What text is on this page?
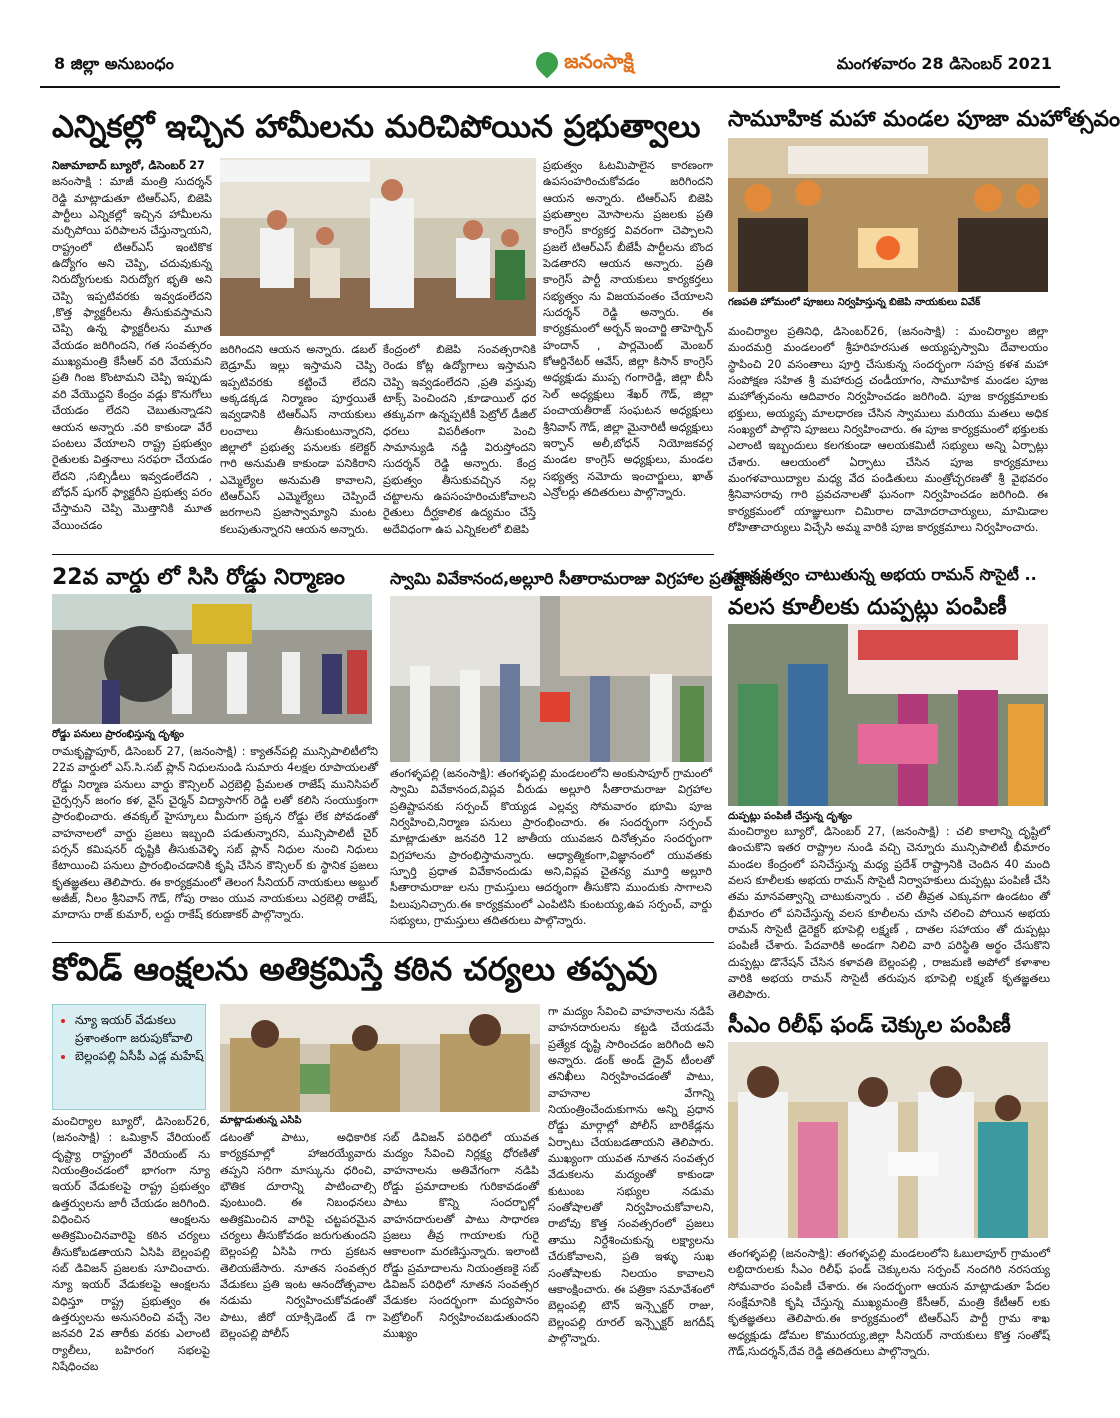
8 జిల్లా అనుబంధం	జనంసాక్షి	మంగళవారం 28 డిసెంబర్ 2021
ఎన్నికల్లో ఇచ్చిన హామీలను మరిచిపోయిన ప్రభుత్వాలు
నిజామాబాద్ బ్యూరో, డిసెంబర్ 27
జనంసాక్షి : మాజీ మంత్రి సుదర్శన్ రెడ్డి మాట్లాడుతూ టిఆర్ఎస్, బిజెపి పార్టీలు ఎన్నికల్లో ఇచ్చిన హామీలను మర్చిపోయి పరిపాలన చేస్తున్నాయని, రాష్ట్రంలో టిఆర్ఎస్ ఇంటికొక ఉద్యోగం అని చెప్పి, చదువుకున్న నిరుద్యోగులకు నిరుద్యోగ భృతి అని చెప్పి ఇప్పటివరకు ఇవ్వడంలేదని ,కొత్త ఫ్యాక్టరీలను తీసుకువస్తామని చెప్పి ఉన్న ఫ్యాక్టరీలను మూత వేయడం జరిగిందని, గత సంవత్సరం ముఖ్యమంత్రి కేసీఆర్ వరి వేయమని ప్రతి గింజ కొంటామని చెప్పి ఇప్పుడు వరి వేయొద్దని కేంద్రం వడ్లు కొనుగోలు చేయడం లేదని చెబుతున్నాడని ఆయన అన్నారు .వరి కాకుండా వేరే పంటలు వేయాలని రాష్ట్ర ప్రభుత్వం రైతులకు విత్తనాలు సరఫరా చేయడం లేదని ,సబ్సిడీలు ఇవ్వడంలేదని , బోధన్ షుగర్ ఫ్యాక్టరీని ప్రభుత్వ పరం చేస్తామని చెప్పి మొత్తానికి మూత వేయించడం
జరిగిందని ఆయన అన్నారు. డబల్ బెడ్రూమ్ ఇల్లు ఇస్తామని చెప్పి ఇప్పటివరకు కట్టించే లేదని అక్కడక్కడ నిర్మాణం పూర్తయితే ఇవ్వడానికి టిఆర్ఎస్ నాయకులు లంచాలు తీసుకుంటున్నారని, జిల్లాలో ప్రభుత్వ పనులకు కలెక్టర్ గారి అనుమతి కాకుండా పనికిరాని ఎమ్మెల్యేల అనుమతి కావాలని, టిఆర్ఎస్ ఎమ్మెల్యేలు చెప్పిందే జరగాలని ప్రజాస్వామ్యాని మంట కలుపుతున్నారని ఆయన అన్నారు.
కేంద్రంలో బిజెపి సంవత్సరానికి రెండు కోట్ల ఉద్యోగాలు ఇస్తామని చెప్పి ఇవ్వడంలేదని ,ప్రతి వస్తువు టాక్స్ పెంచిందని ,కూడాయిల్ ధర తక్కువగా ఉన్నప్పటికీ పెట్రోల్ డీజిల్ ధరలు విపరీతంగా పెంచి సామాన్యుడి నడ్డి విరుస్తోందని సుదర్శన్ రెడ్డి అన్నారు. కేంద్ర ప్రభుత్వం తీసుకువచ్చిన నల్ల చట్టాలను ఉపసంహరించుకోవాలని రైతులు దీర్ఘకాలిక ఉద్యమం చేస్తే అదేవిధంగా ఉప ఎన్నికలలో బిజెపి
ప్రభుత్వం ఓటమిపాలైన కారణంగా ఉపసంహరించుకోవడం జరిగిందని ఆయన అన్నారు. టిఆర్ఎస్ బిజెపి ప్రభుత్వాల మోసాలను ప్రజలకు ప్రతి కాంగ్రెస్ కార్యకర్త వివరంగా చెప్పాలని ప్రజలే టిఆర్ఎస్ బీజేపీ పార్టీలను బొంద పెడతారని ఆయన అన్నారు. ప్రతి కాంగ్రెస్ పార్టీ నాయకులు కార్యకర్తలు సభ్యత్వం ను విజయవంతం చేయాలని సుదర్శన్ రెడ్డి అన్నారు. ఈ కార్యక్రమంలో అర్బన్ ఇంచార్జి తాహెర్బిన్ హందాన్ , పార్లమెంట్ మెంబర్ కోఆర్డినేటర్ ఆవేస్, జిల్లా కిసాన్ కాంగ్రెస్ అధ్యక్షుడు ముప్ప గంగారెడ్డి, జిల్లా బీసీ సెల్ అధ్యక్షులు శేఖర్ గౌడ్, జిల్లా పంచాయతీరాజ్ సంఘటన అధ్యక్షులు శ్రీనివాస్ గౌడ్, జిల్లా మైనారిటీ అధ్యక్షులు ఇర్ఫాన్ అలీ,బోధన్ నియోజకవర్గ మండల కాంగ్రెస్ అధ్యక్షులు, మండల సభ్యత్వ నమోదు ఇంచార్జులు, ఖాత్ ఎన్రోలర్లు తదితరులు పాల్గొన్నారు.
సామూహిక మహా మండల పూజా మహోత్సవం
గణపతి హోమంలో పూజలు నిర్వహిస్తున్న బిజెపి నాయకులు వివేక్
మంచిర్యాల ప్రతినిధి, డిసెంబర్26, (జనంసాక్షి) : మంచిర్యాల జిల్లా మందమర్రి మండలంలో శ్రీహరిహరసుత అయ్యప్పస్వామి దేవాలయం స్థాపించి 20 వసంతాలు పూర్తి చేసుకున్న సందర్భంగా సహస్ర కళశ మహా సంపోక్షణ సహిత శ్రీ మహారుద్ర చండీయాగం, సామూహిక మండల పూజ మహోత్సవంను ఆదివారం నిర్వహించడం జరిగింది. పూజ కార్యక్రమాలకు భక్తులు, అయ్యప్ప మాలధారణ చేసిన స్వాములు మరియు మతలు అధిక సంఖ్యలో పాల్గొని పూజలు నిర్వహించారు. ఈ పూజ కార్యక్రమంలో భక్తులకు ఎలాంటి ఇబ్బందులు కలగకుండా ఆలయకమిటీ సభ్యులు అన్ని ఏర్పాట్లు చేశారు. ఆలయంలో ఏర్పాటు చేసిన పూజ కార్యక్రమాలు మంగళవాయిద్యాల మధ్య వేద పండితులు మంత్రోచ్ఛరణతో శ్రీ వైభవరం శ్రీనివాసరావు గారి ప్రవచనాలతో ఘనంగా నిర్వహించడం జరిగింది. ఈ కార్యక్రమంలో యాజ్ఞులుగా చిమిరాల దామోదరాచార్యులు, మామిడాల రోహితాచార్యులు విచ్చేసి అమ్మ వారికి పూజ కార్యక్రమాలు నిర్వహించారు.
22వ వార్డు లో సిసి రోడ్డు నిర్మాణం
రోడ్డు పనులు ప్రారంభిస్తున్న దృశ్యం
రామకృష్ణాపూర్, డిసెంబర్ 27, (జనంసాక్షి) : క్యాతన్‌పల్లి మున్సిపాలిటీలోని 22వ వార్డులో ఎస్.సి.సబ్ ప్లాన్ నిధులనుండి సుమారు 4లక్షల రూపాయలతో రోడ్డు నిర్మాణ పనులు వార్డు కౌన్సిలర్ ఎర్రబెల్లి ప్రేమలత రాజేష్ మునిసిపల్ చైర్పర్సన్ జంగం కళ, వైస్ చైర్మన్ విద్యాసాగర్ రెడ్డి లతో కలిసి సంయుక్తంగా ప్రారంభించారు. తవక్కల్ హైస్కూలు మీదుగా ప్రక్కన రోడ్డు లేక పోవడంతో వాహనాలలో వార్డు ప్రజలు ఇబ్బంది పడుతున్నారని, మున్సిపాలిటీ చైర్ పర్సన్ కమిషనర్ దృష్టికి తీసుకువెళ్ళి సబ్ ప్లాన్ నిధుల నుంచి నిధులు కేటాయించి పనులు ప్రారంభించడానికి కృషి చేసిన కౌన్సిలర్ కు స్థానిక ప్రజలు కృతజ్ఞతలు తెలిపారు. ఈ కార్యక్రమంలో తెలంగ సీనియర్ నాయకులు అబ్దుల్ అజీజ్, నీలం శ్రీనివాస్ గౌడ్, గోపు రాజం యువ నాయకులు ఎర్రబెల్లి రాజేష్, మాదాసు రాజ్ కుమార్, లద్దు రాకేష్ కరుణాకర్ పాల్గొన్నారు.
స్వామి వివేకానంద,అల్లూరి సీతారామరాజు విగ్రహాల ప్రతిష్టాపన
తంగళ్ళపల్లి (జనంసాక్షి): తంగళ్ళపల్లి మండలంలోని అంకుసాపూర్ గ్రామంలో స్వామి వివేకానంద,విప్లవ వీరుడు అల్లూరి సీతారామరాజు విగ్రహాల ప్రతిష్టాపనకు సర్పంచ్ కొయ్యడ ఎల్లవ్వ సోమవారం భూమి పూజ నిర్వహించి,నిర్మాణ పనులు ప్రారంభించారు. ఈ సందర్భంగా సర్పంచ్ మాట్లాడుతూ జనవరి 12 జాతీయ యువజన దినోత్సవం సందర్భంగా విగ్రహాలను ప్రారంభిస్తామన్నారు. ఆధ్యాత్మికంగా,విజ్ఞానంలో యువతకు స్ఫూర్తి ప్రధాత వివేకానందుడు అని,విప్లవ చైతన్య మూర్తి అల్లూరి సీతారామరాజు లను గ్రామస్తులు ఆదర్శంగా తీసుకొని ముందుకు సాగాలని పిలుపునిచ్చారు.ఈ కార్యక్రమంలో ఎంపిటిసి కుంటయ్య,ఉప సర్పంచ్, వార్డు సభ్యులు, గ్రామస్తులు తదితరులు పాల్గొన్నారు.
మానవత్వం చాటుతున్న అభయ రామన్ సొసైటీ ..
వలస కూలీలకు దుప్పట్లు పంపిణీ
దుప్పట్లు పంపిణీ చేస్తున్న దృశ్యం
మంచిర్యాల బ్యూరో, డిసెంబర్ 27, (జనంసాక్షి) : చలి కాలాన్ని దృష్టిలో ఉంచుకొని ఇతర రాష్ట్రాల నుండి వచ్చి చెన్నూరు మున్సిపాలిటీ భీమారం మండల కేంద్రంలో పనిచేస్తున్న మధ్య ప్రదేశ్ రాష్ట్రానికి చెందిన 40 మంది వలస కూలీలకు అభయ రామన్ సొసైటీ నిర్వాహకులు దుప్పట్లు పంపిణీ చేసి తమ మానవత్వాన్ని చాటుకున్నారు . చలి తీవ్రత ఎక్కువగా ఉండటం తో భీమారం లో పనిచేస్తున్న వలస కూలీలను చూసి చలించి పోయిన అభయ రామన్ సొసైటీ డైరెక్టర్ భూపెల్లి లక్ష్మణ్ , దాతల సహాయం తో దుప్పట్లు పంపిణీ చేశారు. పేదవారికి అండగా నిలిచి వారి పరిస్థితి అర్థం చేసుకొని దుప్పట్లు డొనేషన్ చేసిన కళావతి బెల్లంపల్లి , రాజమణి అపోలో కళాశాల వారికి అభయ రామన్ సొసైటీ తరుపున భూపెల్లి లక్ష్మణ్ కృతజ్ఞతలు తెలిపారు.
కోవిడ్ ఆంక్షలను అతిక్రమిస్తే కఠిన చర్యలు తప్పవు
• న్యూ ఇయర్ వేడుకలు ప్రశాంతంగా జరుపుకోవాలి
• బెల్లంపల్లి ఏసీపీ ఎడ్ల మహేష్
మాట్లాడుతున్న ఎసిపి
మంచిర్యాల బ్యూరో, డిసెంబర్26, (జనంసాక్షి) : ఒమిక్రాన్ వేరియంట్ దృష్ట్యా రాష్ట్రంలో వేరియంట్ ను నియంత్రించడంలో భాగంగా న్యూ ఇయర్ వేడుకలపై రాష్ట్ర ప్రభుత్వం ఉత్తర్వులను జారీ చేయడం జరిగింది. విధించిన ఆంక్షలను అతిక్రమించినవారిపై కఠిన చర్యలు తీసుకోబడతాయని ఏసిపి బెల్లంపల్లి సబ్ డివిజన్ ప్రజలకు సూచించారు. న్యూ ఇయర్ వేడుకలపై ఆంక్షలను విధిస్తూ రాష్ట్ర ప్రభుత్వం ఈ ఉత్తర్వులను అనుసరించి వచ్చే నెల జనవరి 2వ తారీకు వరకు ఎలాంటి ర్యాలీలు, బహిరంగ సభలపై నిషేధించబ
డటంతో పాటు, అధికారిక కార్యక్రమాల్లో హాజరయ్యేవారు తప్పని సరిగా మాస్కును ధరించి, భౌతిక దూరాన్ని పాటించాల్సి వుంటుంది. ఈ నిబంధనలు అతిక్రమించిన వారిపై చట్టపరమైన చర్యలు తీసుకోవడం జరుగుతుందని బెల్లంపల్లి ఏసిపి గారు ప్రకటన తెలియజేసారు. నూతన సంవత్సర వేడుకలు ప్రతి ఇంట ఆనందోత్సవాల నడుమ నిర్వహించుకోవడంతో పాటు, జీరో యాక్సిడెంట్ డే గా బెల్లంపల్లి పోలీస్
సబ్ డివిజన్ పరిధిలో యువత మద్యం సేవించి నిర్లక్ష్య ధోరణితో వాహనాలను అతివేగంగా నడిపి రోడ్డు ప్రమాదాలకు గురికావడంతో పాటు కొన్ని సందర్భాల్లో వాహనదారులతో పాటు సాధారణ ప్రజలు తీవ్ర గాయాలకు గురై ఆకాలంగా మరణిస్తున్నారు. ఇలాంటి రోడ్డు ప్రమాదాలను నియంత్రణకై సబ్ డివిజన్ పరిధిలో నూతన సంవత్సర వేడుకల సందర్భంగా మద్యపానం పెట్రోలింగ్ నిర్వహించబడుతుందని ముఖ్యం
గా మద్యం సేవించి వాహనాలను నడిపే వాహనదారులను కట్టడి చేయడమే ప్రత్యేక దృష్టి సారించడం జరిగింది అని అన్నారు. డంక్ అండ్ డ్రైవ్ టీంలతో తనిఖీలు నిర్వహించడంతో పాటు, వాహనాల వేగాన్ని నియంత్రించేందుకుగాను అన్ని ప్రధాన రోడ్డు మార్గాల్లో పోలీస్ బారికేడ్లను ఏర్పాటు చేయబడతాయని తెలిపారు. ముఖ్యంగా యువత నూతన సంవత్సర వేడుకలను మద్యంతో కాకుండా కుటుంబ సభ్యుల నడుమ సంతోషాలతో నిర్వహించుకోవాలని, రాబోవు కొత్త సంవత్సరంలో ప్రజలు తాము నిర్దేశించుకున్న లక్ష్యాలను చేరుకోవాలని, ప్రతి ఇళ్ళు సుఖ సంతోషాలకు నిలయం కావాలని ఆకాంక్షించారు. ఈ పత్రికా సమావేశంలో బెల్లంపల్లి టౌన్ ఇన్స్పెక్టర్ రాజు, బెల్లంపల్లి రూరల్ ఇన్స్పెక్టర్ జగదీష్ పాల్గొన్నారు.
సీఎం రిలీఫ్ ఫండ్ చెక్కుల పంపిణీ
తంగళ్ళపల్లి (జనంసాక్షి): తంగళ్ళపల్లి మండలంలోని ఓబులాపూర్ గ్రామంలో లబ్దిదారులకు సీఎం రిలీఫ్ ఫండ్ చెక్కులను సర్పంచ్ నందగిరి నరసయ్య సోమవారం పంపిణీ చేశారు. ఈ సందర్భంగా ఆయన మాట్లాడుతూ పేదల సంక్షేమానికి కృషి చేస్తున్న ముఖ్యమంత్రి కేసీఆర్, మంత్రి కేటీఆర్ లకు కృతజ్ఞతలు తెలిపారు.ఈ కార్యక్రమంలో టిఆర్ఎస్ పార్టీ గ్రామ శాఖ అధ్యక్షుడు డోమల కొమురయ్య,జిల్లా సీనియర్ నాయకులు కొత్త సంతోష్ గౌడ్,సుదర్శన్,దేవ రెడ్డి తదితరులు పాల్గొన్నారు.
